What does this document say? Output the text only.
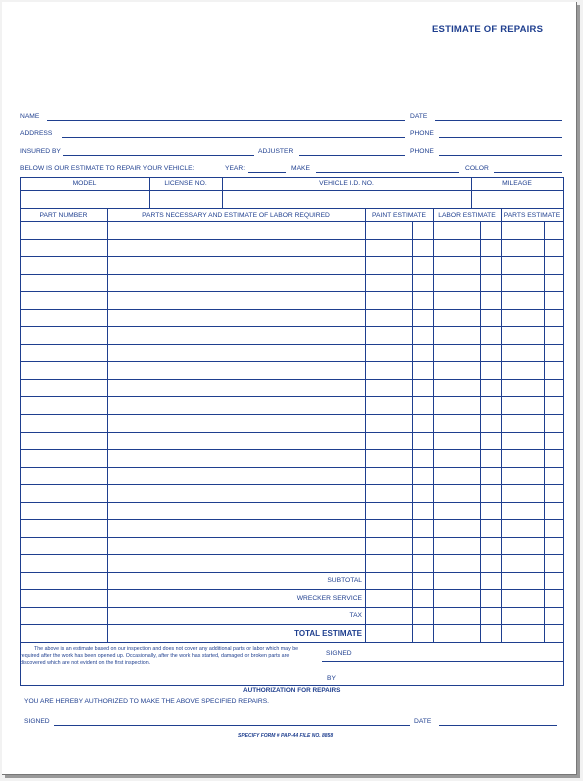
ESTIMATE OF REPAIRS
NAME	DATE
ADDRESS	PHONE
INSURED BY	ADJUSTER	PHONE
BELOW IS OUR ESTIMATE TO REPAIR YOUR VEHICLE:	YEAR:	MAKE	COLOR
MODEL	LICENSE NO.	VEHICLE I.D. NO.	MILEAGE
PART NUMBER	PARTS NECESSARY AND ESTIMATE OF LABOR REQUIRED	PAINT ESTIMATE	LABOR ESTIMATE	PARTS ESTIMATE
SUBTOTAL
WRECKER SERVICE
TAX
TOTAL ESTIMATE
The above is an estimate based on our inspection and does not cover any additional parts or labor which may be required after the work has been opened up. Occasionally, after the work has started, damaged or broken parts are discovered which are not evident on the first inspection.
SIGNED
BY
AUTHORIZATION FOR REPAIRS
YOU ARE HEREBY AUTHORIZED TO MAKE THE ABOVE SPECIFIED REPAIRS.
SIGNED	DATE
SPECIFY FORM # PAP-44 FILE NO. 8858
